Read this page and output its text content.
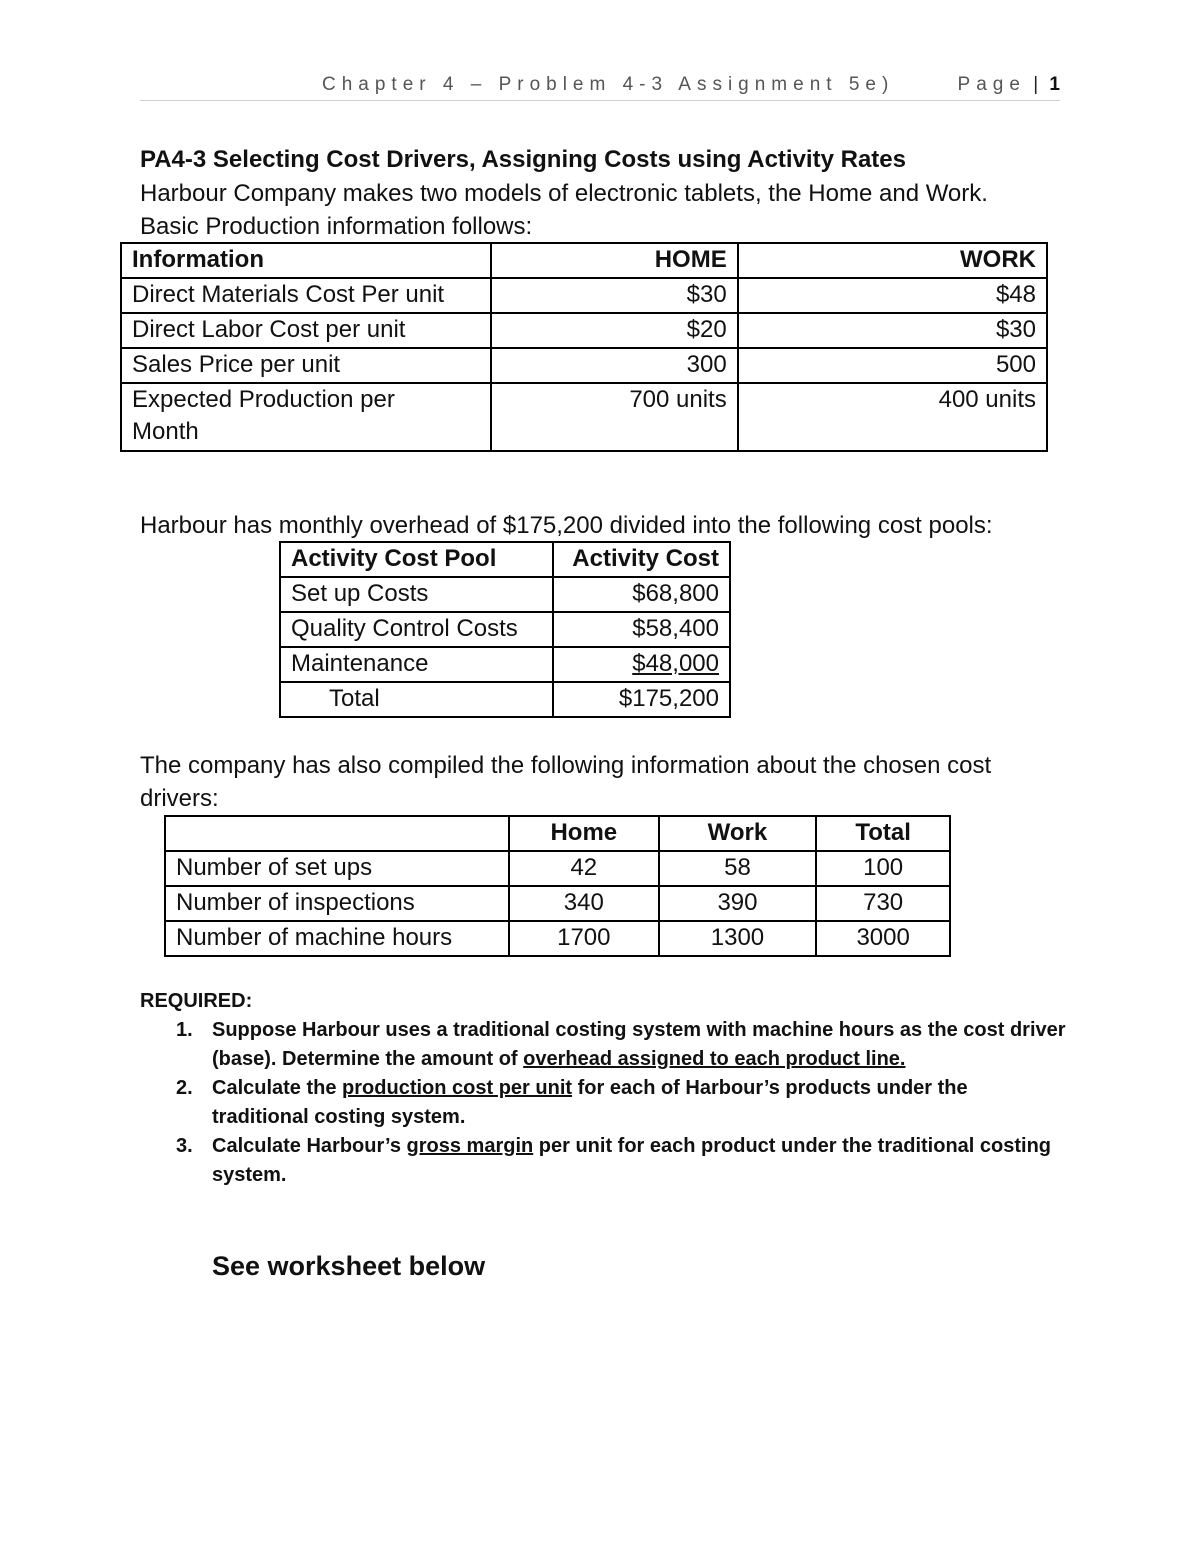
Chapter 4 – Problem 4-3 Assignment 5e)	Page | 1
PA4-3 Selecting Cost Drivers, Assigning Costs using Activity Rates
Harbour Company makes two models of electronic tablets, the Home and Work.
Basic Production information follows:
Information	HOME	WORK
Direct Materials Cost Per unit	$30	$48
Direct Labor Cost per unit	$20	$30
Sales Price per unit	300	500
Expected Production per
Month	700 units	400 units
Harbour has monthly overhead of $175,200 divided into the following cost pools:
Activity Cost Pool	Activity Cost
Set up Costs	$68,800
Quality Control Costs	$58,400
Maintenance	$48,000
Total	$175,200
The company has also compiled the following information about the chosen cost
drivers:
	Home	Work	Total
Number of set ups	42	58	100
Number of inspections	340	390	730
Number of machine hours	1700	1300	3000
REQUIRED:
1. Suppose Harbour uses a traditional costing system with machine hours as the cost driver
(base). Determine the amount of overhead assigned to each product line.
2. Calculate the production cost per unit for each of Harbour’s products under the
traditional costing system.
3. Calculate Harbour’s gross margin per unit for each product under the traditional costing
system.
See worksheet below
